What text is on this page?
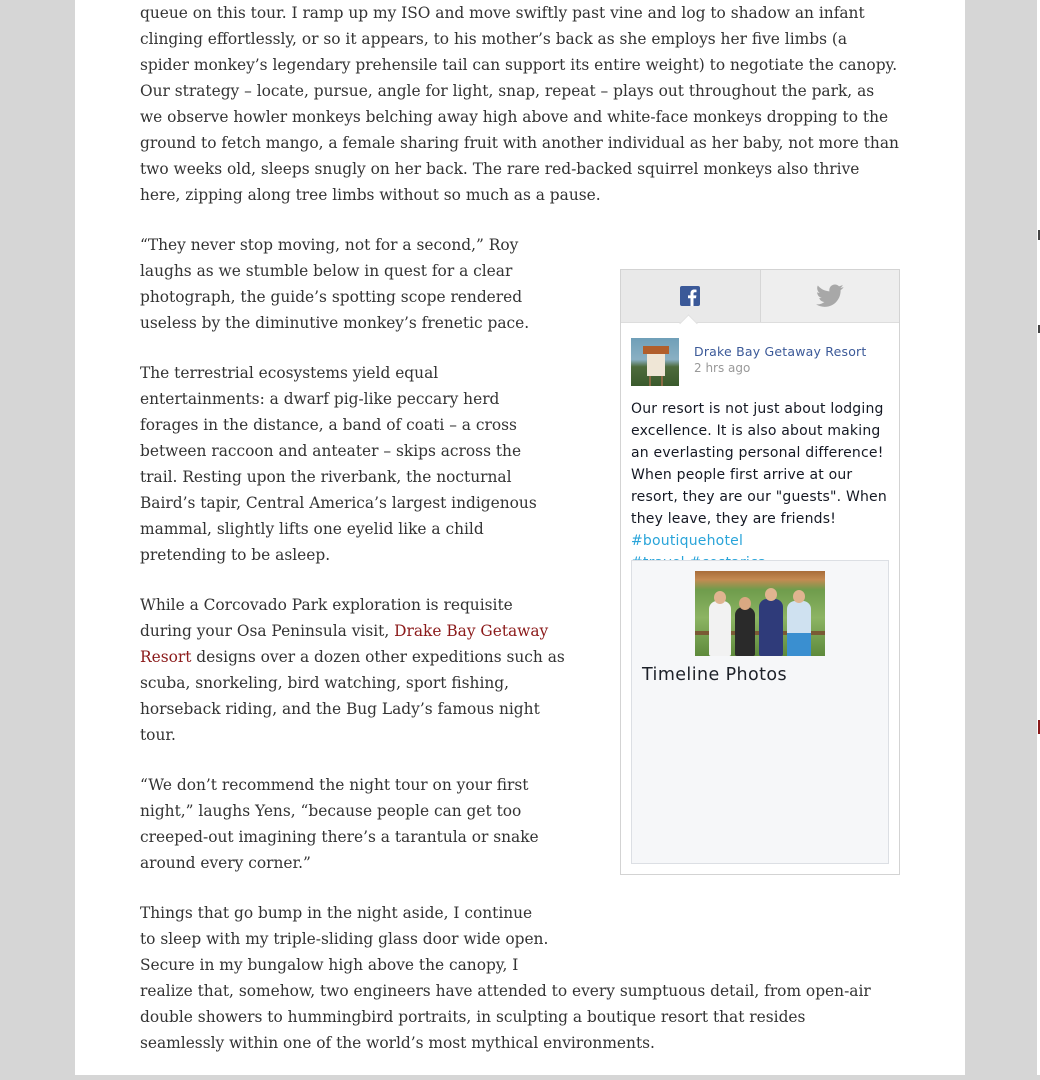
queue on this tour. I ramp up my ISO and move swiftly past vine and log to shadow an infant clinging effortlessly, or so it appears, to his mother’s back as she employs her five limbs (a spider monkey’s legendary prehensile tail can support its entire weight) to negotiate the canopy.

Our strategy – locate, pursue, angle for light, snap, repeat – plays out throughout the park, as we observe howler monkeys belching away high above and white-face monkeys dropping to the ground to fetch mango, a female sharing fruit with another individual as her baby, not more than two weeks old, sleeps snugly on her back. The rare red-backed squirrel monkeys also thrive here, zipping along tree limbs without so much as a pause.

“They never stop moving, not for a second,” Roy laughs as we stumble below in quest for a clear photograph, the guide’s spotting scope rendered useless by the diminutive monkey’s frenetic pace.

The terrestrial ecosystems yield equal entertainments: a dwarf pig-like peccary herd forages in the distance, a band of coati – a cross between raccoon and anteater – skips across the trail. Resting upon the riverbank, the nocturnal Baird’s tapir, Central America’s largest indigenous mammal, slightly lifts one eyelid like a child pretending to be asleep.

While a Corcovado Park exploration is requisite during your Osa Peninsula visit, Drake Bay Getaway Resort designs over a dozen other expeditions such as scuba, snorkeling, bird watching, sport fishing, horseback riding, and the Bug Lady’s famous night tour.

“We don’t recommend the night tour on your first night,” laughs Yens, “because people can get too creeped-out imagining there’s a tarantula or snake around every corner.”

Things that go bump in the night aside, I continue to sleep with my triple-sliding glass door wide open. Secure in my bungalow high above the canopy, I realize that, somehow, two engineers have attended to every sumptuous detail, from open-air double showers to hummingbird portraits, in sculpting a boutique resort that resides seamlessly within one of the world’s most mythical environments.

Drake Bay Getaway Resort
2 hrs ago
Our resort is not just about lodging excellence. It is also about making an everlasting personal difference! When people first arrive at our resort, they are our "guests". When they leave, they are friends! #boutiquehotel

Timeline Photos
